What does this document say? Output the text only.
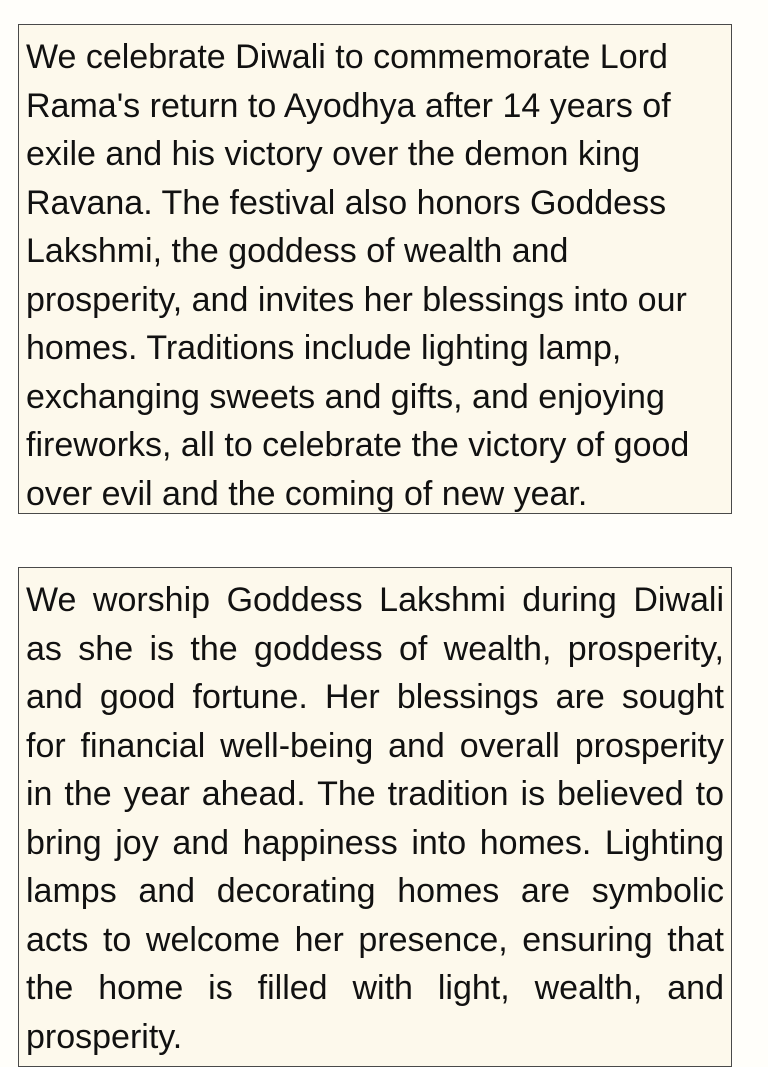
We celebrate Diwali to commemorate Lord Rama's return to Ayodhya after 14 years of exile and his victory over the demon king Ravana. The festival also honors Goddess Lakshmi, the goddess of wealth and prosperity, and invites her blessings into our homes. Traditions include lighting lamp, exchanging sweets and gifts, and enjoying fireworks, all to celebrate the victory of good over evil and the coming of new year.

We worship Goddess Lakshmi during Diwali as she is the goddess of wealth, prosperity, and good fortune. Her blessings are sought for financial well-being and overall prosperity in the year ahead. The tradition is believed to bring joy and happiness into homes. Lighting lamps and decorating homes are symbolic acts to welcome her presence, ensuring that the home is filled with light, wealth, and prosperity.
